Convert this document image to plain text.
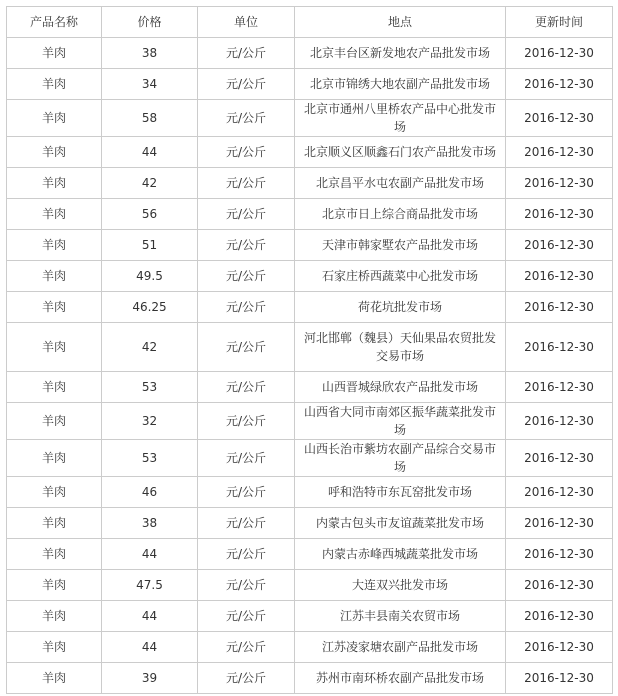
产品名称	价格	单位	地点	更新时间
羊肉	38	元/公斤	北京丰台区新发地农产品批发市场	2016-12-30
羊肉	34	元/公斤	北京市锦绣大地农副产品批发市场	2016-12-30
羊肉	58	元/公斤	北京市通州八里桥农产品中心批发市场	2016-12-30
羊肉	44	元/公斤	北京顺义区顺鑫石门农产品批发市场	2016-12-30
羊肉	42	元/公斤	北京昌平水屯农副产品批发市场	2016-12-30
羊肉	56	元/公斤	北京市日上综合商品批发市场	2016-12-30
羊肉	51	元/公斤	天津市韩家墅农产品批发市场	2016-12-30
羊肉	49.5	元/公斤	石家庄桥西蔬菜中心批发市场	2016-12-30
羊肉	46.25	元/公斤	荷花坑批发市场	2016-12-30
羊肉	42	元/公斤	河北邯郸（魏县）天仙果品农贸批发交易市场	2016-12-30
羊肉	53	元/公斤	山西晋城绿欣农产品批发市场	2016-12-30
羊肉	32	元/公斤	山西省大同市南郊区振华蔬菜批发市场	2016-12-30
羊肉	53	元/公斤	山西长治市紫坊农副产品综合交易市场	2016-12-30
羊肉	46	元/公斤	呼和浩特市东瓦窑批发市场	2016-12-30
羊肉	38	元/公斤	内蒙古包头市友谊蔬菜批发市场	2016-12-30
羊肉	44	元/公斤	内蒙古赤峰西城蔬菜批发市场	2016-12-30
羊肉	47.5	元/公斤	大连双兴批发市场	2016-12-30
羊肉	44	元/公斤	江苏丰县南关农贸市场	2016-12-30
羊肉	44	元/公斤	江苏凌家塘农副产品批发市场	2016-12-30
羊肉	39	元/公斤	苏州市南环桥农副产品批发市场	2016-12-30
